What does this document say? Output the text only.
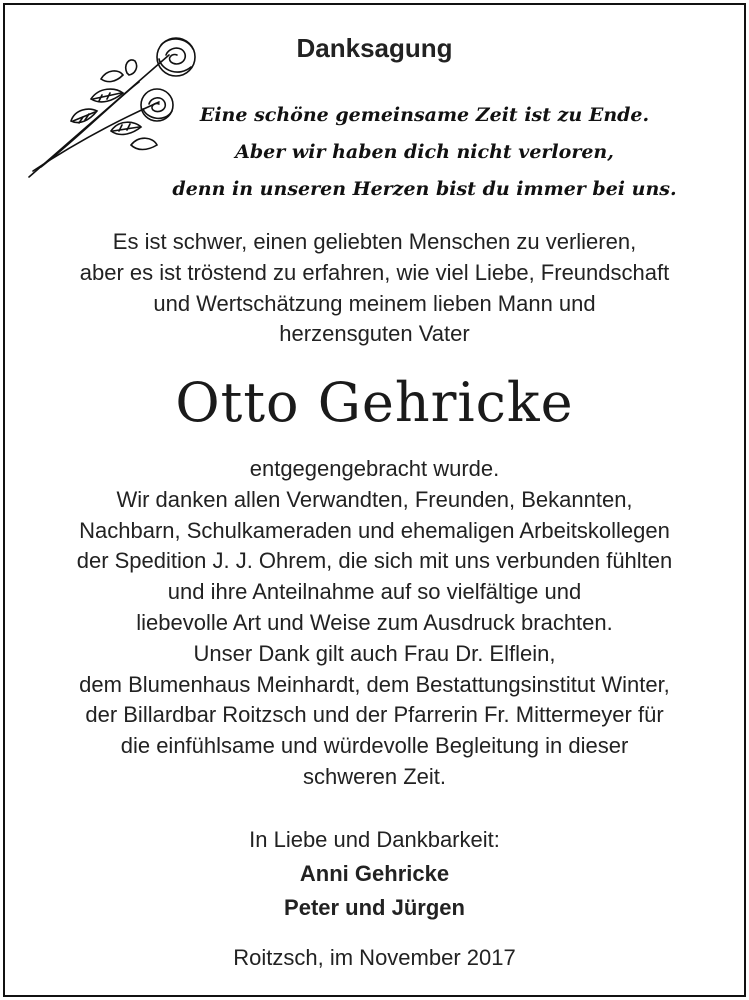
Danksagung
Eine schöne gemeinsame Zeit ist zu Ende.
Aber wir haben dich nicht verloren,
denn in unseren Herzen bist du immer bei uns.
Es ist schwer, einen geliebten Menschen zu verlieren,
aber es ist tröstend zu erfahren, wie viel Liebe, Freundschaft
und Wertschätzung meinem lieben Mann und
herzensguten Vater
Otto Gehricke
entgegengebracht wurde.
Wir danken allen Verwandten, Freunden, Bekannten,
Nachbarn, Schulkameraden und ehemaligen Arbeitskollegen
der Spedition J. J. Ohrem, die sich mit uns verbunden fühlten
und ihre Anteilnahme auf so vielfältige und
liebevolle Art und Weise zum Ausdruck brachten.
Unser Dank gilt auch Frau Dr. Elflein,
dem Blumenhaus Meinhardt, dem Bestattungsinstitut Winter,
der Billardbar Roitzsch und der Pfarrerin Fr. Mittermeyer für
die einfühlsame und würdevolle Begleitung in dieser
schweren Zeit.
In Liebe und Dankbarkeit:
Anni Gehricke
Peter und Jürgen
Roitzsch, im November 2017
